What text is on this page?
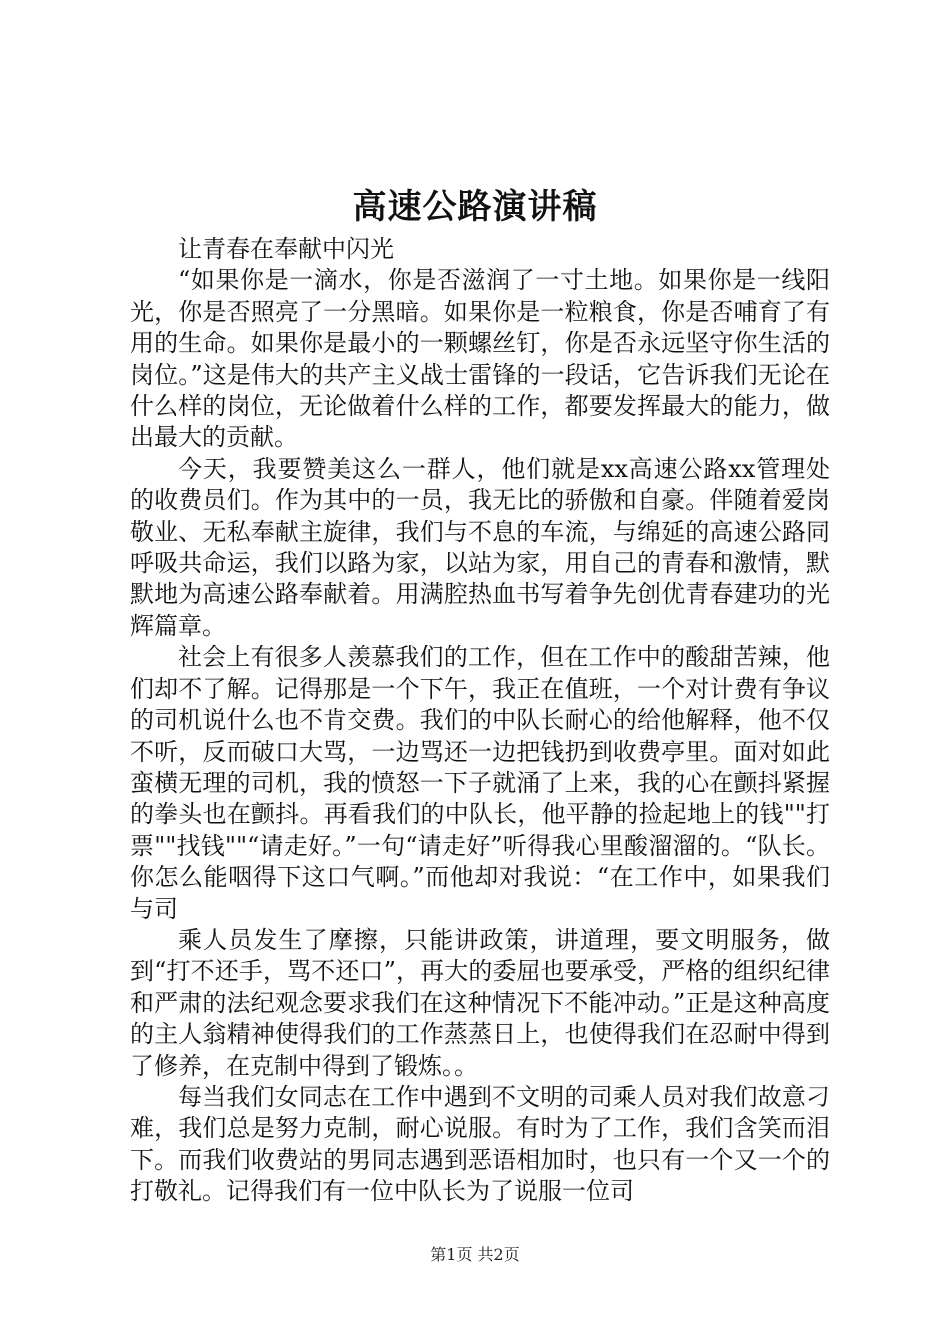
高速公路演讲稿

让青春在奉献中闪光

“如果你是一滴水，你是否滋润了一寸土地。如果你是一线阳光，你是否照亮了一分黑暗。如果你是一粒粮食，你是否哺育了有用的生命。如果你是最小的一颗螺丝钉，你是否永远坚守你生活的岗位。”这是伟大的共产主义战士雷锋的一段话，它告诉我们无论在什么样的岗位，无论做着什么样的工作，都要发挥最大的能力，做出最大的贡献。

今天，我要赞美这么一群人，他们就是xx高速公路xx管理处的收费员们。作为其中的一员，我无比的骄傲和自豪。伴随着爱岗敬业、无私奉献主旋律，我们与不息的车流，与绵延的高速公路同呼吸共命运，我们以路为家，以站为家，用自己的青春和激情，默默地为高速公路奉献着。用满腔热血书写着争先创优青春建功的光辉篇章。

社会上有很多人羡慕我们的工作，但在工作中的酸甜苦辣，他们却不了解。记得那是一个下午，我正在值班，一个对计费有争议的司机说什么也不肯交费。我们的中队长耐心的给他解释，他不仅不听，反而破口大骂，一边骂还一边把钱扔到收费亭里。面对如此蛮横无理的司机，我的愤怒一下子就涌了上来，我的心在颤抖紧握的拳头也在颤抖。再看我们的中队长，他平静的捡起地上的钱""打票""找钱""“请走好。”一句“请走好”听得我心里酸溜溜的。“队长。你怎么能咽得下这口气啊。”而他却对我说：“在工作中，如果我们与司

乘人员发生了摩擦，只能讲政策，讲道理，要文明服务，做到“打不还手，骂不还口”，再大的委屈也要承受，严格的组织纪律和严肃的法纪观念要求我们在这种情况下不能冲动。”正是这种高度的主人翁精神使得我们的工作蒸蒸日上，也使得我们在忍耐中得到了修养，在克制中得到了锻炼。。

每当我们女同志在工作中遇到不文明的司乘人员对我们故意刁难，我们总是努力克制，耐心说服。有时为了工作，我们含笑而泪下。而我们收费站的男同志遇到恶语相加时，也只有一个又一个的打敬礼。记得我们有一位中队长为了说服一位司

第1页 共2页
